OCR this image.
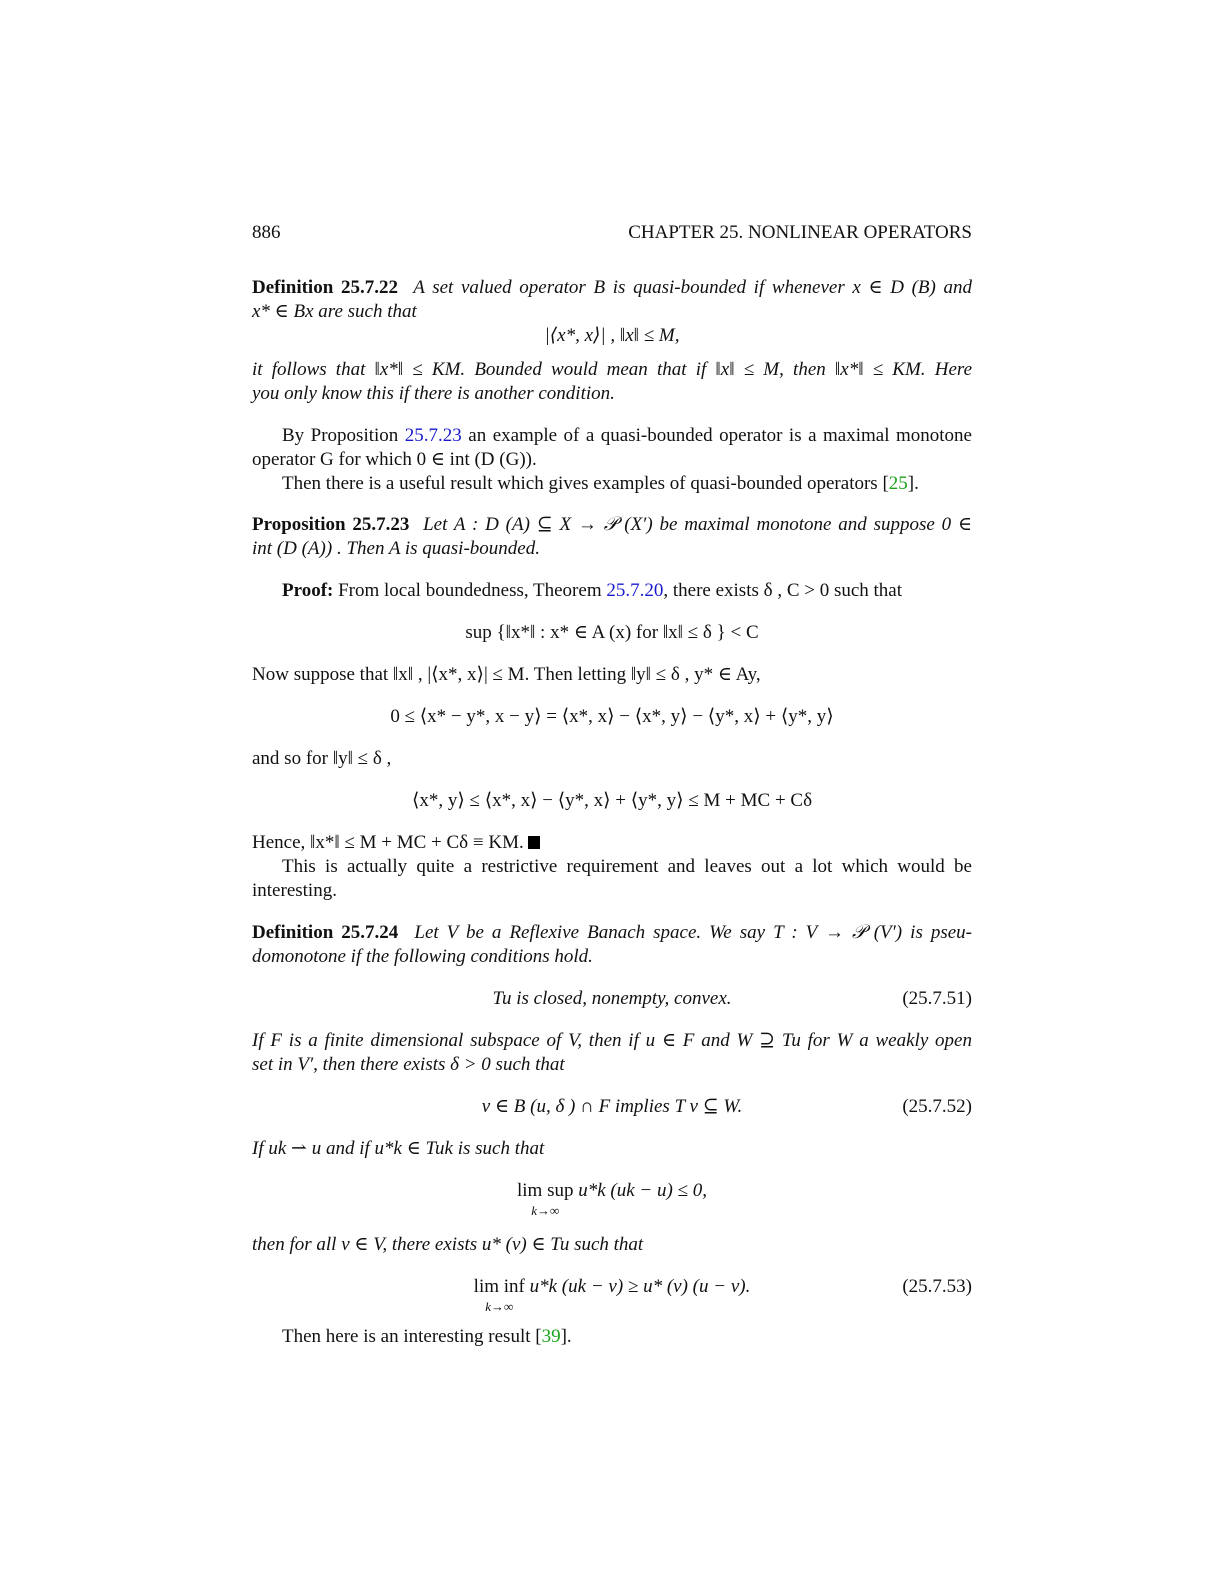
886	CHAPTER 25. NONLINEAR OPERATORS
Definition 25.7.22 A set valued operator B is quasi-bounded if whenever x ∈ D (B) and
x* ∈ Bx are such that
|⟨x*, x⟩| , ‖x‖ ≤ M,
it follows that ‖x*‖ ≤ KM. Bounded would mean that if ‖x‖ ≤ M, then ‖x*‖ ≤ KM. Here
you only know this if there is another condition.
By Proposition 25.7.23 an example of a quasi-bounded operator is a maximal monotone
operator G for which 0 ∈ int (D (G)).
Then there is a useful result which gives examples of quasi-bounded operators [25].
Proposition 25.7.23 Let A : D (A) ⊆ X → 𝒫 (X′) be maximal monotone and suppose 0 ∈
int (D (A)) . Then A is quasi-bounded.
Proof: From local boundedness, Theorem 25.7.20, there exists δ , C > 0 such that
sup {‖x*‖ : x* ∈ A (x) for ‖x‖ ≤ δ } < C
Now suppose that ‖x‖ , |⟨x*, x⟩| ≤ M. Then letting ‖y‖ ≤ δ , y* ∈ Ay,
0 ≤ ⟨x* − y*, x − y⟩ = ⟨x*, x⟩ − ⟨x*, y⟩ − ⟨y*, x⟩ + ⟨y*, y⟩
and so for ‖y‖ ≤ δ ,
⟨x*, y⟩ ≤ ⟨x*, x⟩ − ⟨y*, x⟩ + ⟨y*, y⟩ ≤ M + MC + Cδ
Hence, ‖x*‖ ≤ M + MC + Cδ ≡ KM.
This is actually quite a restrictive requirement and leaves out a lot which would be
interesting.
Definition 25.7.24 Let V be a Reflexive Banach space. We say T : V → 𝒫 (V′) is pseu-
domonotone if the following conditions hold.
Tu is closed, nonempty, convex.	(25.7.51)
If F is a finite dimensional subspace of V, then if u ∈ F and W ⊇ Tu for W a weakly open
set in V′, then there exists δ > 0 such that
v ∈ B (u, δ ) ∩ F implies T v ⊆ W.	(25.7.52)
If uk ⇀ u and if u*k ∈ Tuk is such that
lim sup
k→∞
u*k (uk − u) ≤ 0,
then for all v ∈ V, there exists u* (v) ∈ Tu such that
lim inf
k→∞
u*k (uk − v) ≥ u* (v) (u − v).	(25.7.53)
Then here is an interesting result [39].
